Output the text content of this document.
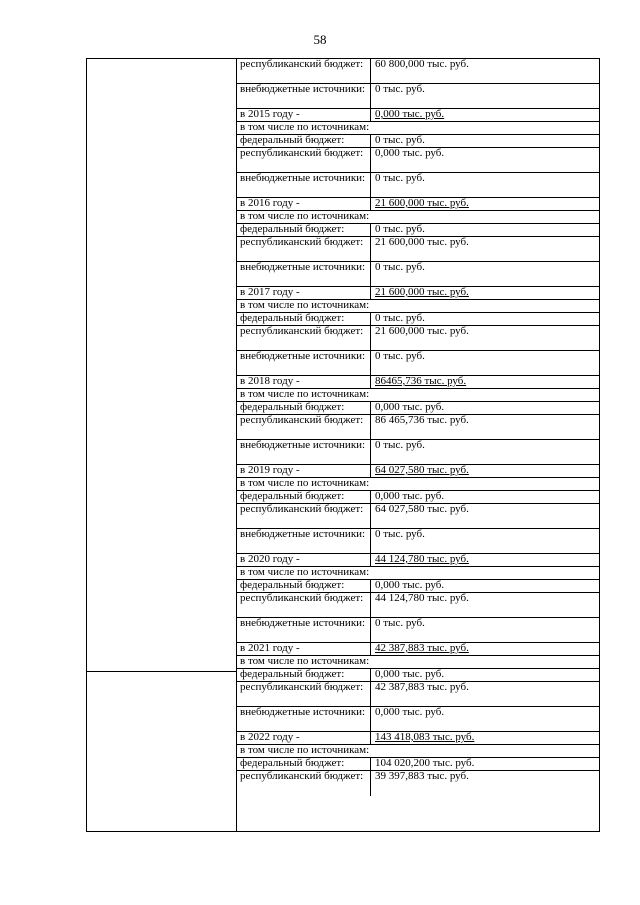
58
республиканский бюджет:	60 800,000 тыс. руб.
внебюджетные источники: 0 тыс. руб.
в 2015 году -	0,000 тыс. руб.
в том числе по источникам:
федеральный бюджет:	0 тыс. руб.
республиканский бюджет:	0,000 тыс. руб.
внебюджетные источники: 0 тыс. руб.
в 2016 году -	21 600,000 тыс. руб.
в том числе по источникам:
федеральный бюджет:	0 тыс. руб.
республиканский бюджет:	21 600,000 тыс. руб.
внебюджетные источники: 0 тыс. руб.
в 2017 году -	21 600,000 тыс. руб.
в том числе по источникам:
федеральный бюджет:	0 тыс. руб.
республиканский бюджет:	21 600,000 тыс. руб.
внебюджетные источники: 0 тыс. руб.
в 2018 году -	86465,736 тыс. руб.
в том числе по источникам:
федеральный бюджет:	0,000 тыс. руб.
республиканский бюджет:	86 465,736 тыс. руб.
внебюджетные источники: 0 тыс. руб.
в 2019 году -	64 027,580 тыс. руб.
в том числе по источникам:
федеральный бюджет:	0,000 тыс. руб.
республиканский бюджет:	64 027,580 тыс. руб.
внебюджетные источники: 0 тыс. руб.
в 2020 году -	44 124,780 тыс. руб.
в том числе по источникам:
федеральный бюджет:	0,000 тыс. руб.
республиканский бюджет:	44 124,780 тыс. руб.
внебюджетные источники: 0 тыс. руб.
в 2021 году -	42 387,883 тыс. руб.
в том числе по источникам:
федеральный бюджет:	0,000 тыс. руб.
республиканский бюджет:	42 387,883 тыс. руб.
внебюджетные источники: 0,000 тыс. руб.
в 2022 году -	143 418,083 тыс. руб.
в том числе по источникам:
федеральный бюджет:	104 020,200 тыс. руб.
республиканский бюджет:	39 397,883 тыс. руб.
